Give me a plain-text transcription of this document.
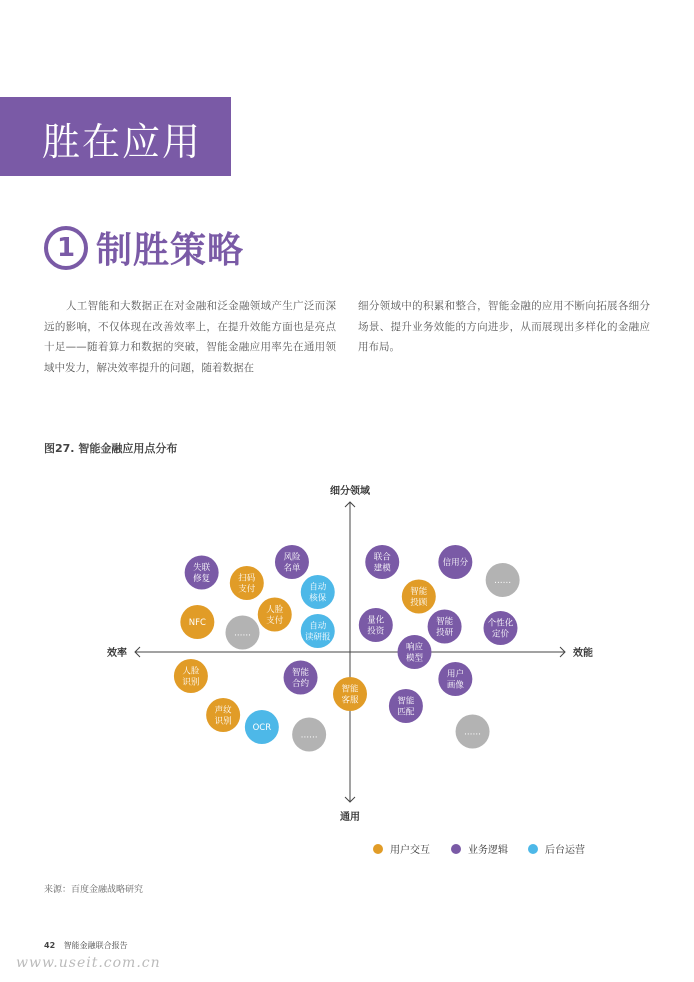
胜在应用
1 制胜策略
人工智能和大数据正在对金融和泛金融领域产生广泛而深远的影响，不仅体现在改善效率上，在提升效能方面也是亮点十足——随着算力和数据的突破，智能金融应用率先在通用领域中发力，解决效率提升的问题，随着数据在
细分领域中的积累和整合，智能金融的应用不断向拓展各细分场景、提升业务效能的方向进步，从而展现出多样化的金融应用布局。
图27. 智能金融应用点分布
细分领域
通用
效率	效能
失联
修复	扫码
支付
风险
名单
自动
核保
NFC
……
人脸
支付
自动
读研报
人脸
识别
智能
合约
声纹
识别
OCR
……
联合
建模
信用分
……
智能
投顾
量化
投资
智能
投研
个性化
定价
响应
模型
用户
画像
智能
客服	智能
匹配
……
用户交互	业务逻辑	后台运营
来源：百度金融战略研究
42 智能金融联合报告
www.useit.com.cn
